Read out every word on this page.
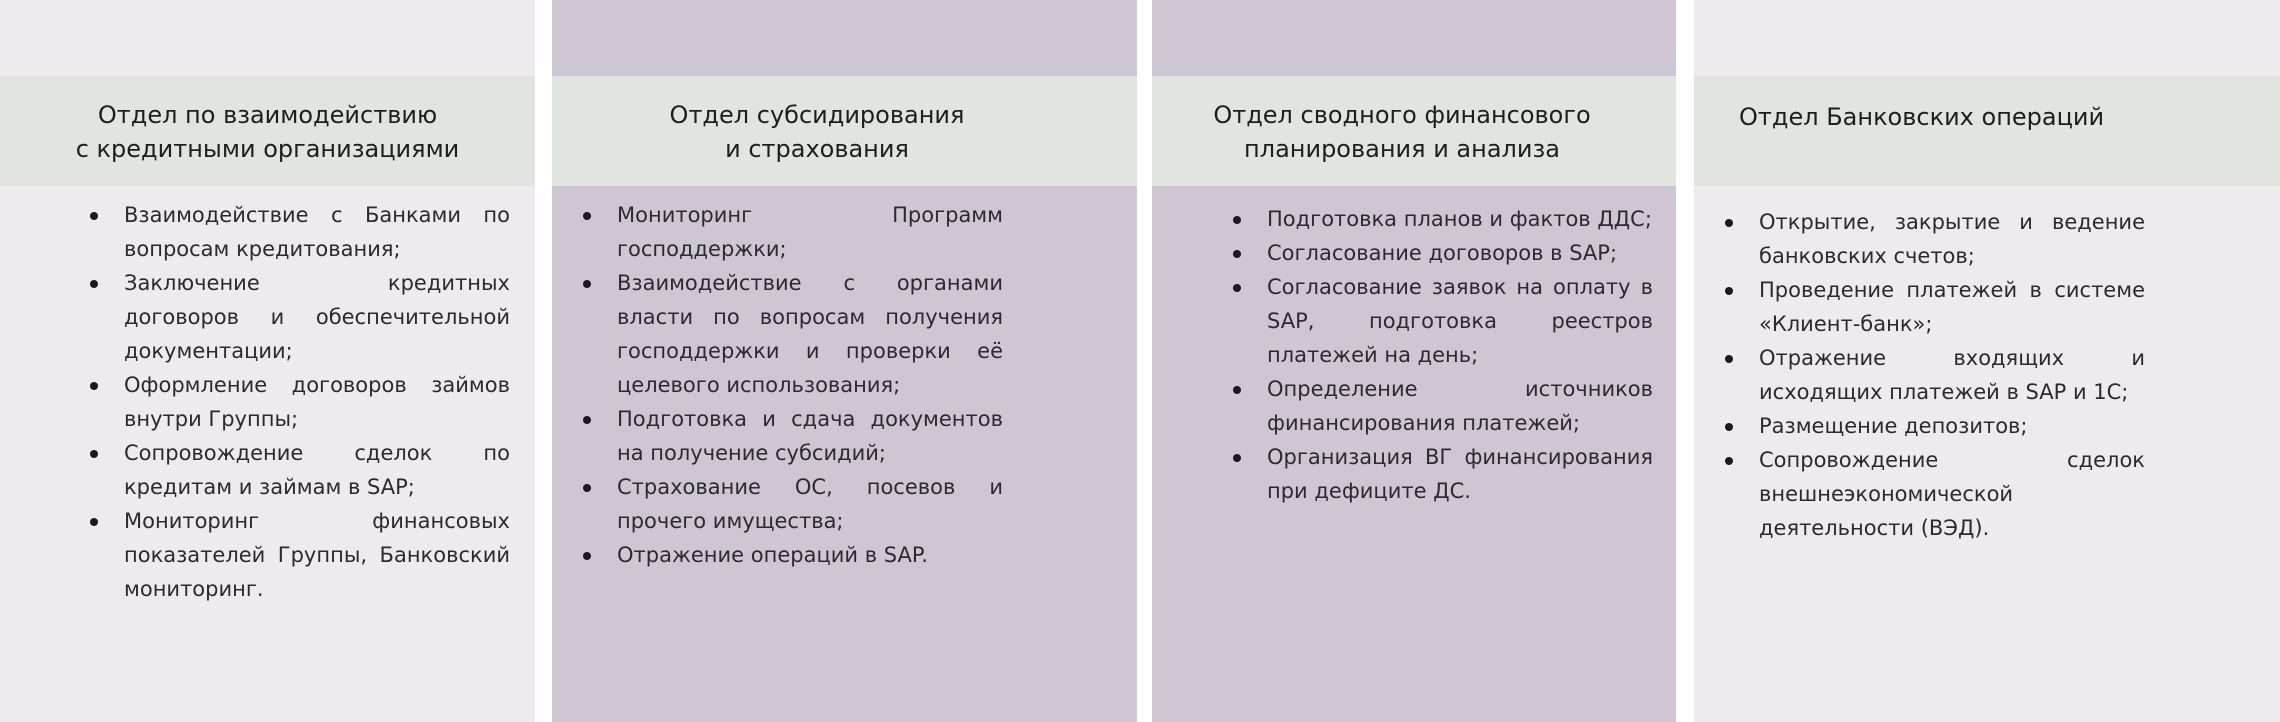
Отдел по взаимодействию
с кредитными организациями
Взаимодействие с Банками по вопросам кредитования;
Заключение кредитных договоров и обеспечительной документации;
Оформление договоров займов внутри Группы;
Сопровождение сделок по кредитам и займам в SAP;
Мониторинг финансовых показателей Группы, Банковский мониторинг.
Отдел субсидирования
и страхования
Мониторинг Программ господдержки;
Взаимодействие с органами власти по вопросам получения господдержки и проверки её целевого использования;
Подготовка и сдача документов на получение субсидий;
Страхование ОС, посевов и прочего имущества;
Отражение операций в SAP.
Отдел сводного финансового
планирования и анализа
Подготовка планов и фактов ДДС;
Согласование договоров в SAP;
Согласование заявок на оплату в SAP, подготовка реестров платежей на день;
Определение источников финансирования платежей;
Организация ВГ финансирования при дефиците ДС.
Отдел Банковских операций
Открытие, закрытие и ведение банковских счетов;
Проведение платежей в системе «Клиент-банк»;
Отражение входящих и исходящих платежей в SAP и 1С;
Размещение депозитов;
Сопровождение сделок внешнеэкономической деятельности (ВЭД).
